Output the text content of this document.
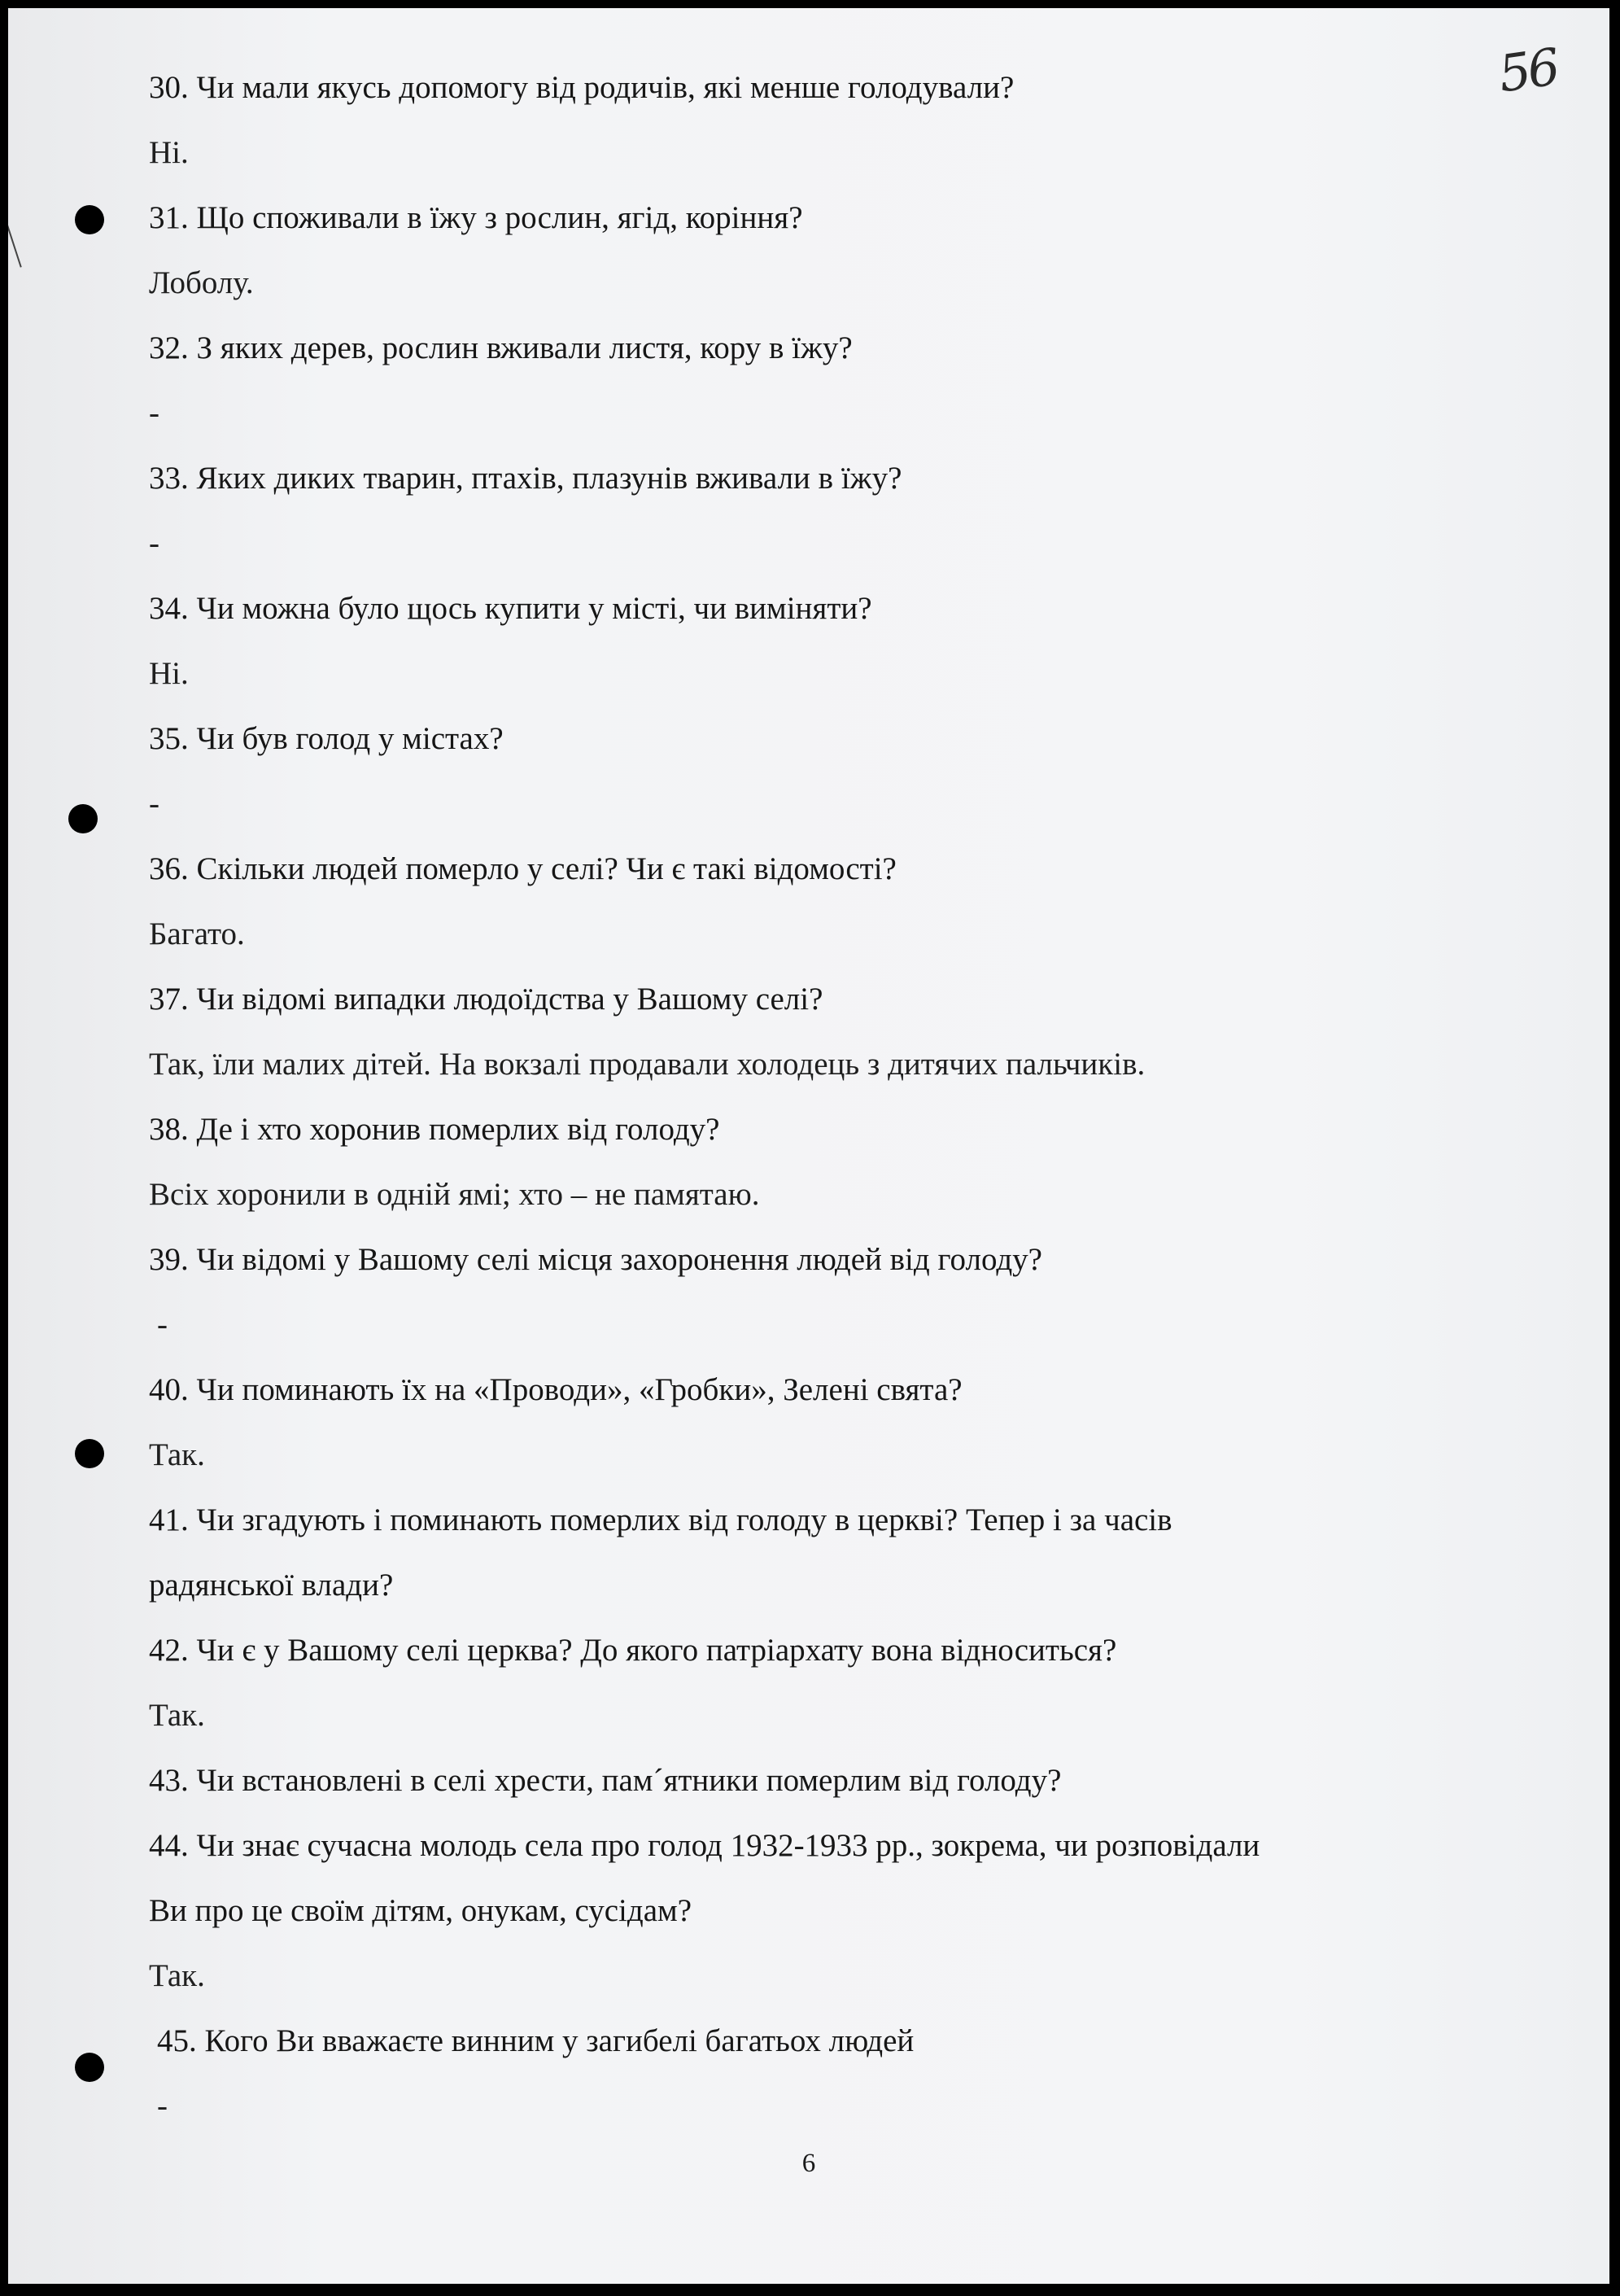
56
30. Чи мали якусь допомогу від родичів, які менше голодували?
Ні.
31. Що споживали в їжу з рослин, ягід, коріння?
Лоболу.
32. З яких дерев, рослин вживали листя, кору в їжу?
-
33. Яких диких тварин, птахів, плазунів вживали в їжу?
-
34. Чи можна було щось купити у місті, чи виміняти?
Ні.
35. Чи був голод у містах?
-
36. Скільки людей померло у селі? Чи є такі відомості?
Багато.
37. Чи відомі випадки людоїдства у Вашому селі?
Так, їли малих дітей. На вокзалі продавали холодець з дитячих пальчиків.
38. Де і хто хоронив померлих від голоду?
Всіх хоронили в одній ямі; хто – не памятаю.
39. Чи відомі у Вашому селі місця захоронення людей від голоду?
-
40. Чи поминають їх на «Проводи», «Гробки», Зелені свята?
Так.
41. Чи згадують і поминають померлих від голоду в церкві? Тепер і за часів
радянської влади?
42. Чи є у Вашому селі церква? До якого патріархату вона відноситься?
Так.
43. Чи встановлені в селі хрести, пам´ятники померлим від голоду?
44. Чи знає сучасна молодь села про голод 1932-1933 рр., зокрема, чи розповідали
Ви про це своїм дітям, онукам, сусідам?
Так.
45. Кого Ви вважаєте винним у загибелі багатьох людей
-
6
